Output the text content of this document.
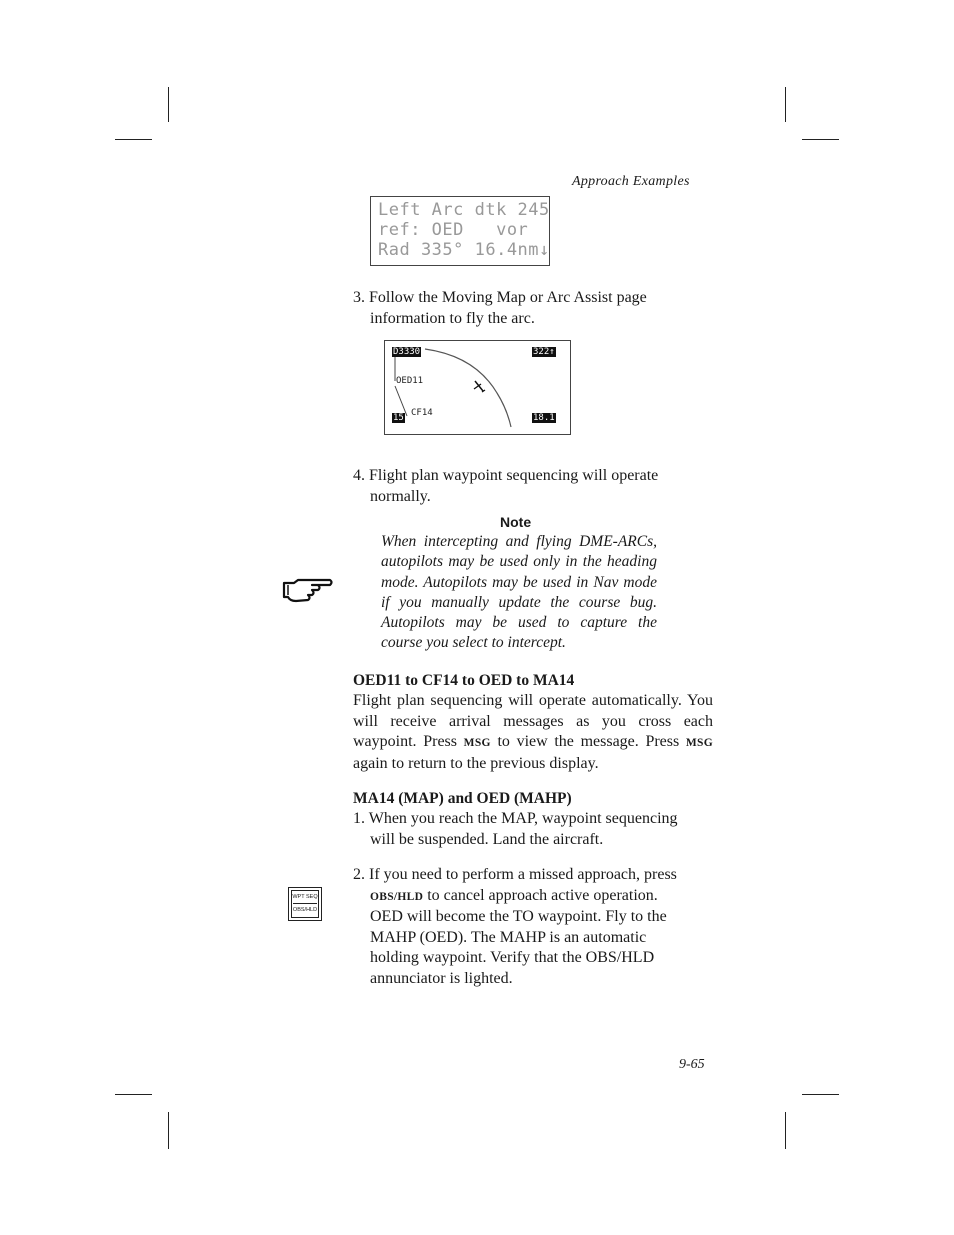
Approach Examples
Left Arc dtk 245
ref: OED   vor
Rad 335° 16.4nm↓
3. Follow the Moving Map or Arc Assist page
information to fly the arc.
D3330	322↑
OED11
CF14
15	18.1
4. Flight plan waypoint sequencing will operate
normally.
Note
When intercepting and flying DME-ARCs, autopilots may be used only in the heading mode. Autopilots may be used in Nav mode if you manually update the course bug. Autopilots may be used to capture the course you select to intercept.
OED11 to CF14 to OED to MA14
Flight plan sequencing will operate automatically. You will receive arrival messages as you cross each waypoint. Press MSG to view the message. Press MSG again to return to the previous display.
MA14 (MAP) and OED (MAHP)
1. When you reach the MAP, waypoint sequencing
will be suspended. Land the aircraft.
2. If you need to perform a missed approach, press
OBS/HLD to cancel approach active operation.
OED will become the TO waypoint. Fly to the
MAHP (OED). The MAHP is an automatic
holding waypoint. Verify that the OBS/HLD
annunciator is lighted.
WPT SEQ
OBS/HLD
9-65
